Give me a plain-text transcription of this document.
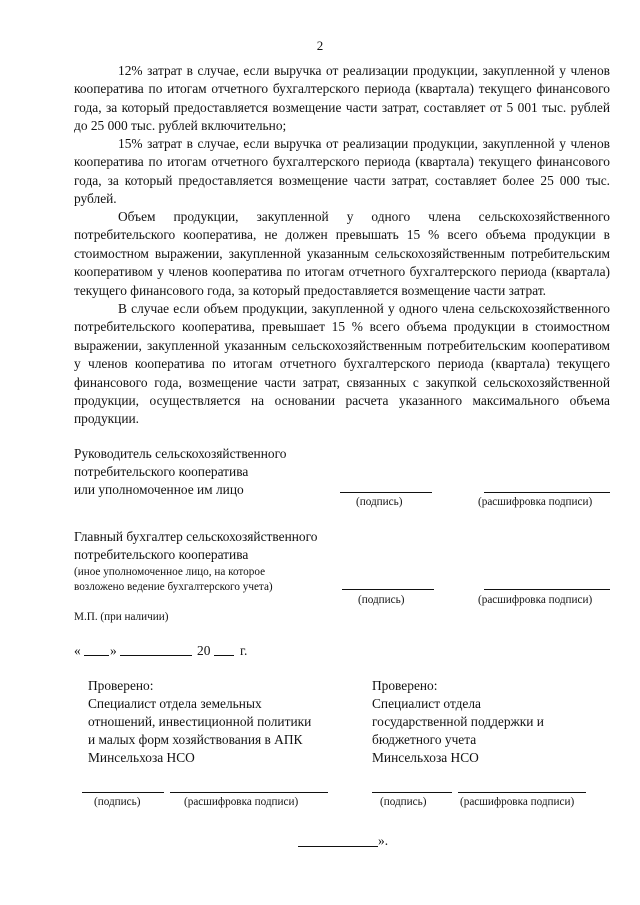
2

12% затрат в случае, если выручка от реализации продукции, закупленной у членов кооператива по итогам отчетного бухгалтерского периода (квартала) текущего финансового года, за который предоставляется возмещение части затрат, составляет от 5 001 тыс. рублей до 25 000 тыс. рублей включительно;

15% затрат в случае, если выручка от реализации продукции, закупленной у членов кооператива по итогам отчетного бухгалтерского периода (квартала) текущего финансового года, за который предоставляется возмещение части затрат, составляет более 25 000 тыс. рублей.

Объем продукции, закупленной у одного члена сельскохозяйственного потребительского кооператива, не должен превышать 15 % всего объема продукции в стоимостном выражении, закупленной указанным сельскохозяйственным потребительским кооперативом у членов кооператива по итогам отчетного бухгалтерского периода (квартала) текущего финансового года, за который предоставляется возмещение части затрат.

В случае если объем продукции, закупленной у одного члена сельскохозяйственного потребительского кооператива, превышает 15 % всего объема продукции в стоимостном выражении, закупленной указанным сельскохозяйственным потребительским кооперативом у членов кооператива по итогам отчетного бухгалтерского периода (квартала) текущего финансового года, возмещение части затрат, связанных с закупкой сельскохозяйственной продукции, осуществляется на основании расчета указанного максимального объема продукции.

Руководитель сельскохозяйственного
потребительского кооператива
или уполномоченное им лицо
(подпись)	(расшифровка подписи)
Главный бухгалтер сельскохозяйственного
потребительского кооператива
(иное уполномоченное лицо, на которое
возложено ведение бухгалтерского учета)
(подпись)	(расшифровка подписи)
М.П. (при наличии)
« »	20 г.
Проверено:
Специалист отдела земельных
отношений, инвестиционной политики
и малых форм хозяйствования в АПК
Минсельхоза НСО
(подпись)	(расшифровка подписи)
Проверено:
Специалист отдела
государственной поддержки и
бюджетного учета
Минсельхоза НСО
(подпись)	(расшифровка подписи)
».
